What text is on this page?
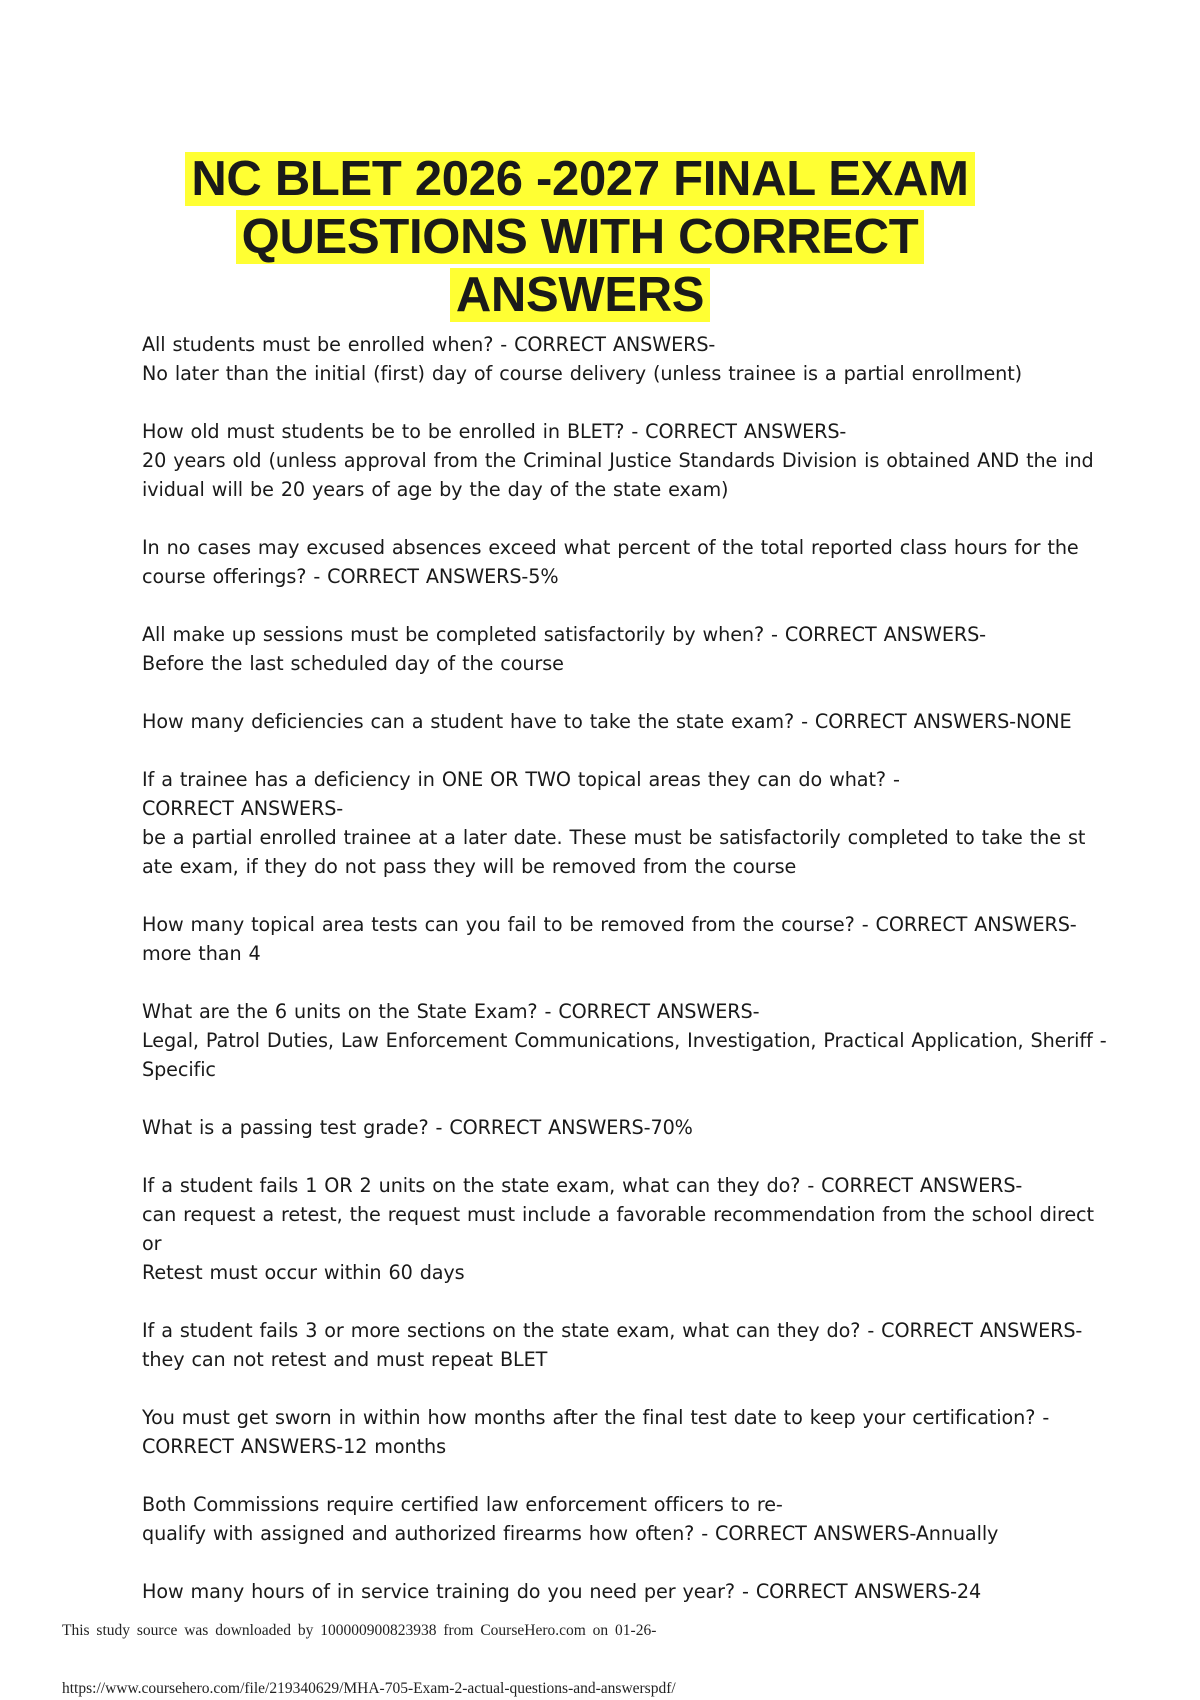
NC BLET 2026 -2027 FINAL EXAM
QUESTIONS WITH CORRECT
ANSWERS
All students must be enrolled when? - CORRECT ANSWERS-
No later than the initial (first) day of course delivery (unless trainee is a partial enrollment)
How old must students be to be enrolled in BLET? - CORRECT ANSWERS-
20 years old (unless approval from the Criminal Justice Standards Division is obtained AND the ind
ividual will be 20 years of age by the day of the state exam)
In no cases may excused absences exceed what percent of the total reported class hours for the
course offerings? - CORRECT ANSWERS-5%
All make up sessions must be completed satisfactorily by when? - CORRECT ANSWERS-
Before the last scheduled day of the course
How many deficiencies can a student have to take the state exam? - CORRECT ANSWERS-NONE
If a trainee has a deficiency in ONE OR TWO topical areas they can do what? -
CORRECT ANSWERS-
be a partial enrolled trainee at a later date. These must be satisfactorily completed to take the st
ate exam, if they do not pass they will be removed from the course
How many topical area tests can you fail to be removed from the course? - CORRECT ANSWERS-
more than 4
What are the 6 units on the State Exam? - CORRECT ANSWERS-
Legal, Patrol Duties, Law Enforcement Communications, Investigation, Practical Application, Sheriff -
Specific
What is a passing test grade? - CORRECT ANSWERS-70%
If a student fails 1 OR 2 units on the state exam, what can they do? - CORRECT ANSWERS-
can request a retest, the request must include a favorable recommendation from the school direct
or
Retest must occur within 60 days
If a student fails 3 or more sections on the state exam, what can they do? - CORRECT ANSWERS-
they can not retest and must repeat BLET
You must get sworn in within how months after the final test date to keep your certification? -
CORRECT ANSWERS-12 months
Both Commissions require certified law enforcement officers to re-
qualify with assigned and authorized firearms how often? - CORRECT ANSWERS-Annually
How many hours of in service training do you need per year? - CORRECT ANSWERS-24
This study source was downloaded by 100000900823938 from CourseHero.com on 01-26-
https://www.coursehero.com/file/219340629/MHA-705-Exam-2-actual-questions-and-answerspdf/
